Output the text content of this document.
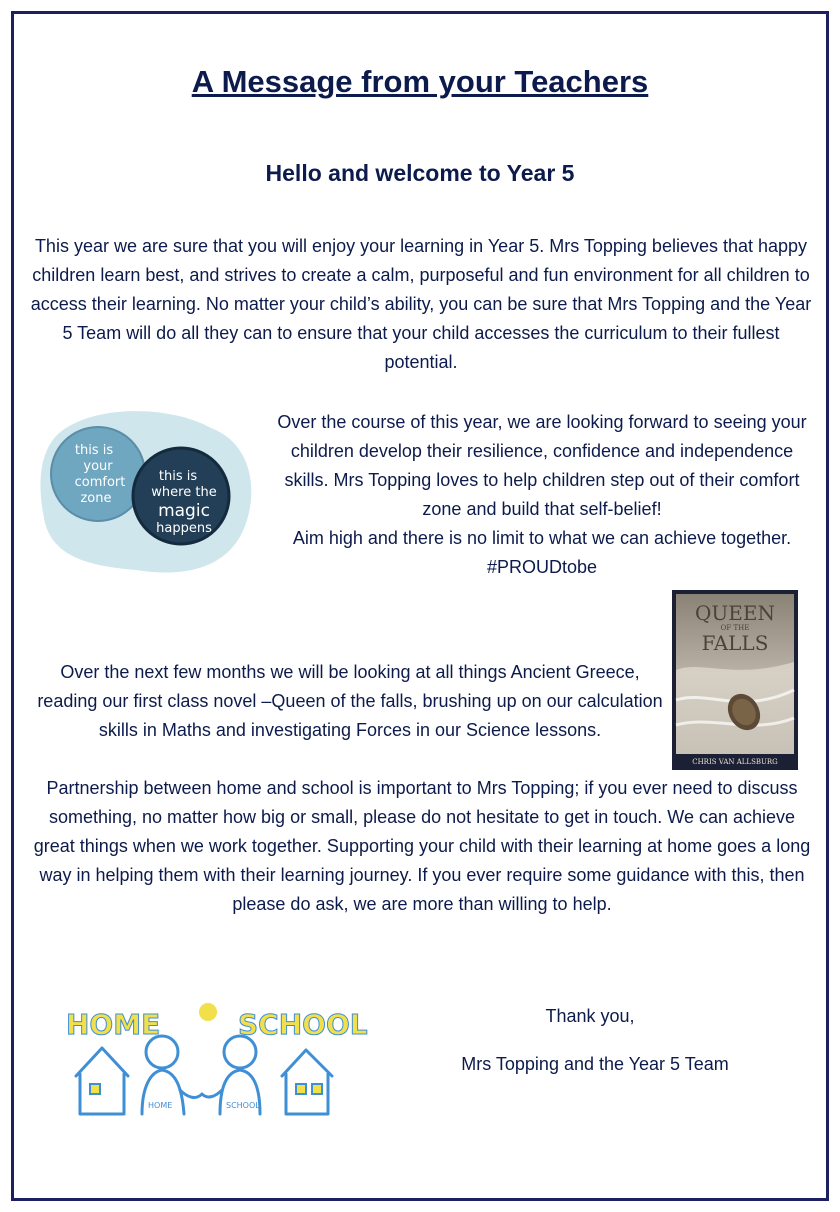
A Message from your Teachers
Hello and welcome to Year 5

This year we are sure that you will enjoy your learning in Year 5. Mrs Topping believes that happy children learn best, and strives to create a calm, purposeful and fun environment for all children to access their learning. No matter your child’s ability, you can be sure that Mrs Topping and the Year 5 Team will do all they can to ensure that your child accesses the curriculum to their fullest potential.

this is
your
comfort
zone
this is
where the
magic
happens
Over the course of this year, we are looking forward to seeing your children develop their resilience, confidence and independence skills. Mrs Topping loves to help children step out of their comfort zone and build that self-belief!
Aim high and there is no limit to what we can achieve together. #PROUDtobe
QUEEN
OF THE
FALLS
CHRIS VAN ALLSBURG

Over the next few months we will be looking at all things Ancient Greece, reading our first class novel –Queen of the falls, brushing up on our calculation skills in Maths and investigating Forces in our Science lessons.

Partnership between home and school is important to Mrs Topping; if you ever need to discuss something, no matter how big or small, please do not hesitate to get in touch. We can achieve great things when we work together. Supporting your child with their learning at home goes a long way in helping them with their learning journey. If you ever require some guidance with this, then please do ask, we are more than willing to help.

HOME	SCHOOL
HOME	SCHOOL
Thank you,
Mrs Topping and the Year 5 Team
